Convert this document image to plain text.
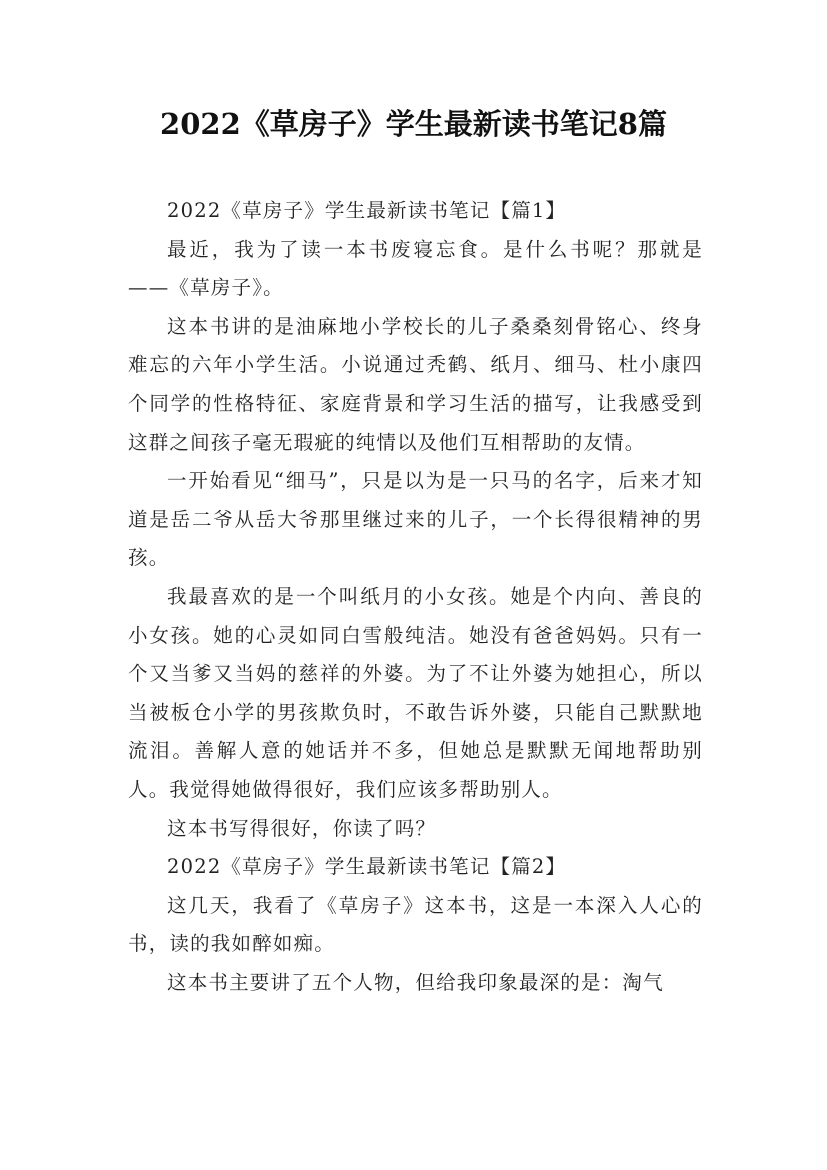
2022《草房子》学生最新读书笔记8篇

2022《草房子》学生最新读书笔记【篇1】

最近，我为了读一本书废寝忘食。是什么书呢？那就是——《草房子》。

这本书讲的是油麻地小学校长的儿子桑桑刻骨铭心、终身难忘的六年小学生活。小说通过秃鹤、纸月、细马、杜小康四个同学的性格特征、家庭背景和学习生活的描写，让我感受到这群之间孩子毫无瑕疵的纯情以及他们互相帮助的友情。

一开始看见“细马”，只是以为是一只马的名字，后来才知道是岳二爷从岳大爷那里继过来的儿子，一个长得很精神的男孩。

我最喜欢的是一个叫纸月的小女孩。她是个内向、善良的小女孩。她的心灵如同白雪般纯洁。她没有爸爸妈妈。只有一个又当爹又当妈的慈祥的外婆。为了不让外婆为她担心，所以当被板仓小学的男孩欺负时，不敢告诉外婆，只能自己默默地流泪。善解人意的她话并不多，但她总是默默无闻地帮助别人。我觉得她做得很好，我们应该多帮助别人。

这本书写得很好，你读了吗？

2022《草房子》学生最新读书笔记【篇2】

这几天，我看了《草房子》这本书，这是一本深入人心的书，读的我如醉如痴。

这本书主要讲了五个人物，但给我印象最深的是：淘气
